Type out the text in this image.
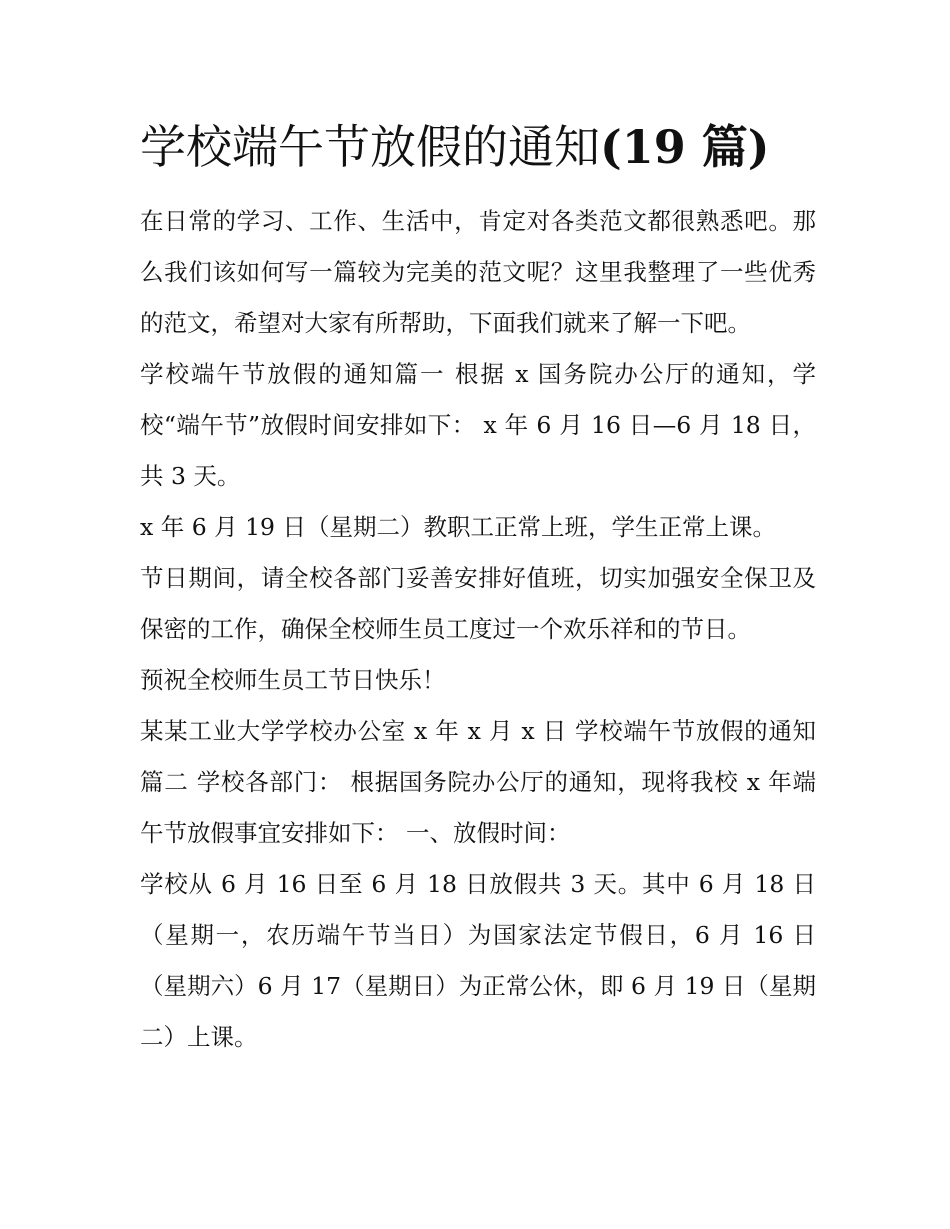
学校端午节放假的通知(19 篇)

在日常的学习、工作、生活中，肯定对各类范文都很熟悉吧。那么我们该如何写一篇较为完美的范文呢？这里我整理了一些优秀的范文，希望对大家有所帮助，下面我们就来了解一下吧。

学校端午节放假的通知篇一 根据 x 国务院办公厅的通知，学校“端午节”放假时间安排如下： x 年 6 月 16 日—6 月 18 日，共 3 天。

x 年 6 月 19 日（星期二）教职工正常上班，学生正常上课。

节日期间，请全校各部门妥善安排好值班，切实加强安全保卫及保密的工作，确保全校师生员工度过一个欢乐祥和的节日。

预祝全校师生员工节日快乐！

某某工业大学学校办公室 x 年 x 月 x 日 学校端午节放假的通知篇二 学校各部门： 根据国务院办公厅的通知，现将我校 x 年端午节放假事宜安排如下： 一、放假时间：

学校从 6 月 16 日至 6 月 18 日放假共 3 天。其中 6 月 18 日（星期一，农历端午节当日）为国家法定节假日，6 月 16 日（星期六）6 月 17（星期日）为正常公休，即 6 月 19 日（星期二）上课。
